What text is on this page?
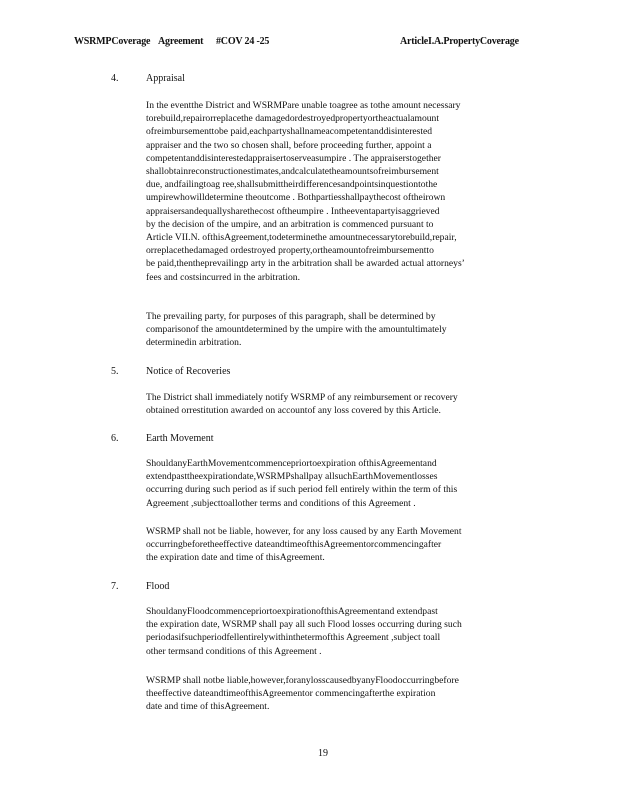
WSRMPCoverage Agreement #COV 24 -25	ArticleI.A.PropertyCoverage
4.	Appraisal
In the eventthe District and WSRMPare unable toagree as tothe amount necessary
torebuild,repairorreplacethe damagedordestroyedpropertyortheactualamount
ofreimbursementtobe paid,eachpartyshallnameacompetentanddisinterested
appraiser and the two so chosen shall, before proceeding further, appoint a
competentanddisinterestedappraisertoserveasumpire . The appraiserstogether
shallobtainreconstructionestimates,andcalculatetheamountsofreimbursement
due, andfailingtoag ree,shallsubmittheirdifferencesandpointsinquestiontothe
umpirewhowilldetermine theoutcome . Bothpartiesshallpaythecost oftheirown
appraisersandequallysharethecost oftheumpire . Intheeventapartyisaggrieved
by the decision of the umpire, and an arbitration is commenced pursuant to
Article VII.N. ofthisAgreement,todeterminethe amountnecessarytorebuild,repair,
orreplacethedamaged ordestroyed property,ortheamountofreimbursementto
be paid,thentheprevailingp arty in the arbitration shall be awarded actual attorneys’
fees and costsincurred in the arbitration.
The prevailing party, for purposes of this paragraph, shall be determined by
comparisonof the amountdetermined by the umpire with the amountultimately
determinedin arbitration.
5.	Notice of Recoveries
The District shall immediately notify WSRMP of any reimbursement or recovery
obtained orrestitution awarded on accountof any loss covered by this Article.
6.	Earth Movement
ShouldanyEarthMovementcommencepriortoexpiration ofthisAgreementand
extendpasttheexpirationdate,WSRMPshallpay allsuchEarthMovementlosses
occurring during such period as if such period fell entirely within the term of this
Agreement ,subjecttoallother terms and conditions of this Agreement .
WSRMP shall not be liable, however, for any loss caused by any Earth Movement
occurringbeforetheeffective dateandtimeofthisAgreementorcommencingafter
the expiration date and time of thisAgreement.
7.	Flood
ShouldanyFloodcommencepriortoexpirationofthisAgreementand extendpast
the expiration date, WSRMP shall pay all such Flood losses occurring during such
periodasifsuchperiodfellentirelywithinthetermofthis Agreement ,subject toall
other termsand conditions of this Agreement .
WSRMP shall notbe liable,however,foranylosscausedbyanyFloodoccurringbefore
theeffective dateandtimeofthisAgreementor commencingafterthe expiration
date and time of thisAgreement.
19
